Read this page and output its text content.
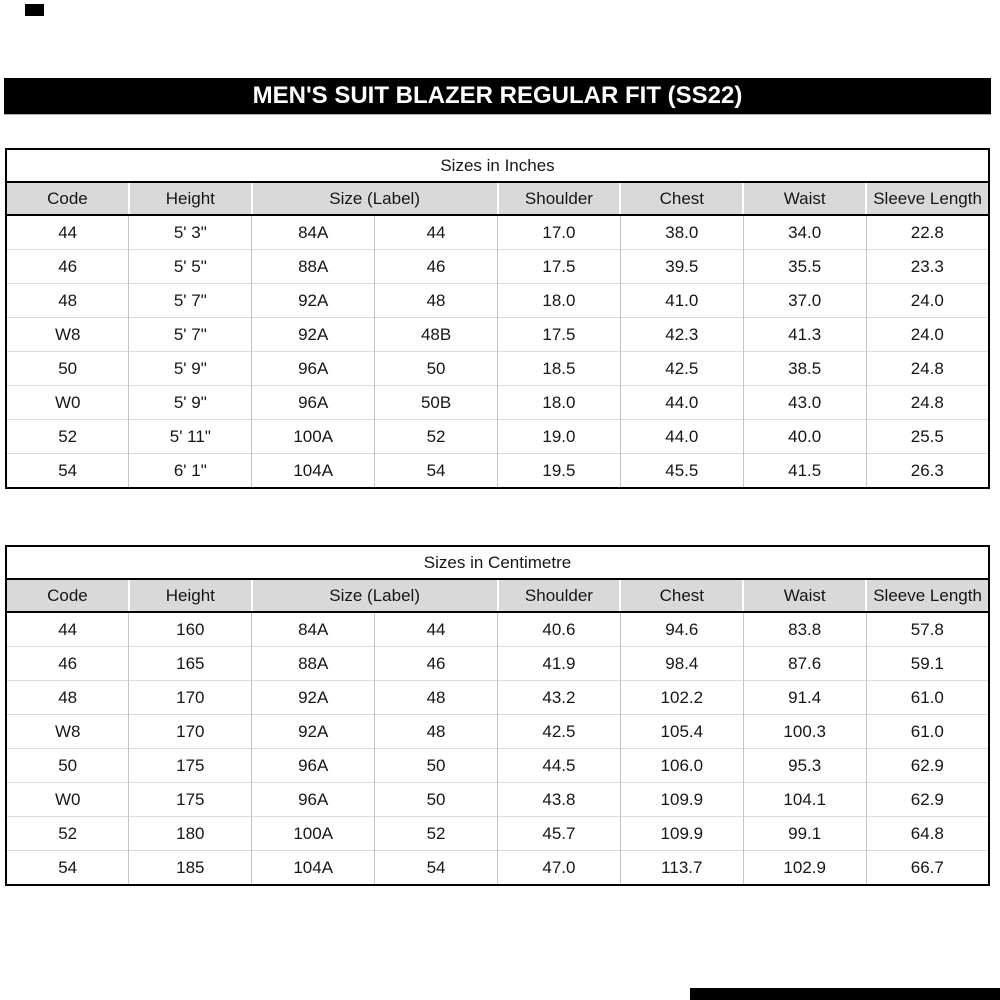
MEN'S SUIT BLAZER REGULAR FIT (SS22)
Sizes in Inches							
Code	Height	Size (Label)		Shoulder	Chest	Waist	Sleeve Length
44	5' 3"	84A	44	17.0	38.0	34.0	22.8
46	5' 5"	88A	46	17.5	39.5	35.5	23.3
48	5' 7"	92A	48	18.0	41.0	37.0	24.0
W8	5' 7"	92A	48B	17.5	42.3	41.3	24.0
50	5' 9"	96A	50	18.5	42.5	38.5	24.8
W0	5' 9"	96A	50B	18.0	44.0	43.0	24.8
52	5' 11"	100A	52	19.0	44.0	40.0	25.5
54	6' 1"	104A	54	19.5	45.5	41.5	26.3
Sizes in Centimetre							
Code	Height	Size (Label)		Shoulder	Chest	Waist	Sleeve Length
44	160	84A	44	40.6	94.6	83.8	57.8
46	165	88A	46	41.9	98.4	87.6	59.1
48	170	92A	48	43.2	102.2	91.4	61.0
W8	170	92A	48	42.5	105.4	100.3	61.0
50	175	96A	50	44.5	106.0	95.3	62.9
W0	175	96A	50	43.8	109.9	104.1	62.9
52	180	100A	52	45.7	109.9	99.1	64.8
54	185	104A	54	47.0	113.7	102.9	66.7
